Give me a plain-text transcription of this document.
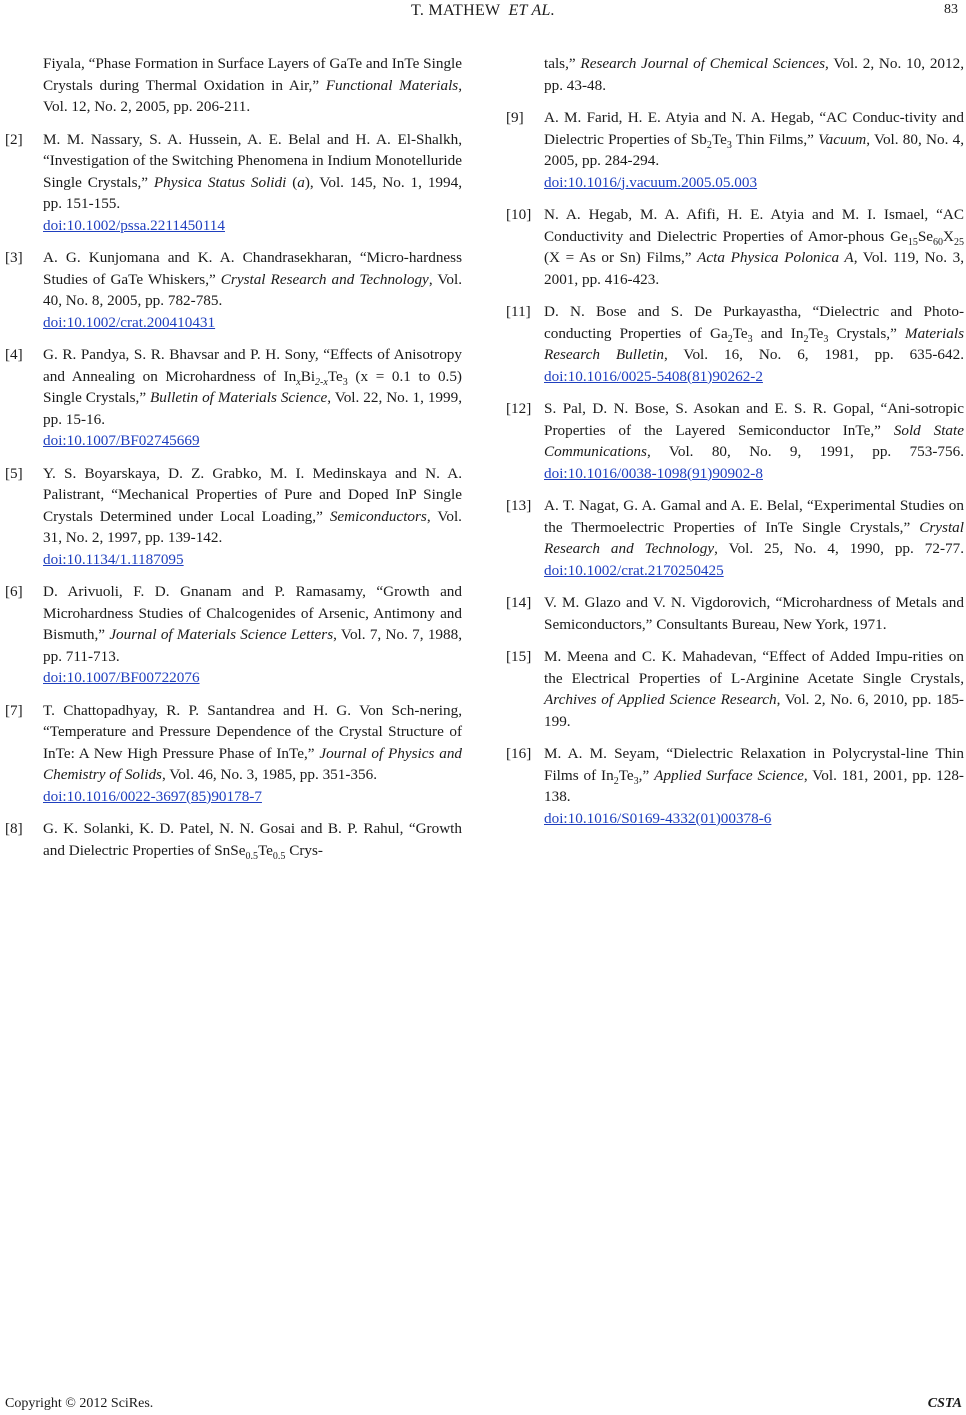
T. MATHEW ET AL.	83
Fiyala, “Phase Formation in Surface Layers of GaTe and InTe Single Crystals during Thermal Oxidation in Air,” Functional Materials, Vol. 12, No. 2, 2005, pp. 206-211.
[2]	M. M. Nassary, S. A. Hussein, A. E. Belal and H. A. El-Shalkh, “Investigation of the Switching Phenomena in Indium Monotelluride Single Crystals,” Physica Status Solidi (a), Vol. 145, No. 1, 1994, pp. 151-155.
doi:10.1002/pssa.2211450114
[3]	A. G. Kunjomana and K. A. Chandrasekharan, “Micro-hardness Studies of GaTe Whiskers,” Crystal Research and Technology, Vol. 40, No. 8, 2005, pp. 782-785.
doi:10.1002/crat.200410431
[4]	G. R. Pandya, S. R. Bhavsar and P. H. Sony, “Effects of Anisotropy and Annealing on Microhardness of $In_xBi_{2-x}Te_3$ (x = 0.1 to 0.5) Single Crystals,” Bulletin of Materials Science, Vol. 22, No. 1, 1999, pp. 15-16.
doi:10.1007/BF02745669
[5]	Y. S. Boyarskaya, D. Z. Grabko, M. I. Medinskaya and N. A. Palistrant, “Mechanical Properties of Pure and Doped InP Single Crystals Determined under Local Loading,” Semiconductors, Vol. 31, No. 2, 1997, pp. 139-142.
doi:10.1134/1.1187095
[6]	D. Arivuoli, F. D. Gnanam and P. Ramasamy, “Growth and Microhardness Studies of Chalcogenides of Arsenic, Antimony and Bismuth,” Journal of Materials Science Letters, Vol. 7, No. 7, 1988, pp. 711-713.
doi:10.1007/BF00722076
[7]	T. Chattopadhyay, R. P. Santandrea and H. G. Von Sch-nering, “Temperature and Pressure Dependence of the Crystal Structure of InTe: A New High Pressure Phase of InTe,” Journal of Physics and Chemistry of Solids, Vol. 46, No. 3, 1985, pp. 351-356.
doi:10.1016/0022-3697(85)90178-7
[8]	G. K. Solanki, K. D. Patel, N. N. Gosai and B. P. Rahul, “Growth and Dielectric Properties of $SnSe_{0.5}Te_{0.5}$ Crys-
tals,” Research Journal of Chemical Sciences, Vol. 2, No. 10, 2012, pp. 43-48.
[9]	A. M. Farid, H. E. Atyia and N. A. Hegab, “AC Conduc-tivity and Dielectric Properties of $Sb_2Te_3$ Thin Films,” Vacuum, Vol. 80, No. 4, 2005, pp. 284-294.
doi:10.1016/j.vacuum.2005.05.003
[10] N. A. Hegab, M. A. Afifi, H. E. Atyia and M. I. Ismael, “AC Conductivity and Dielectric Properties of Amor-phous $Ge_{15}Se_{60}X_{25}$ (X = As or Sn) Films,” Acta Physica Polonica A, Vol. 119, No. 3, 2001, pp. 416-423.
[11] D. N. Bose and S. De Purkayastha, “Dielectric and Photo-conducting Properties of $Ga_2Te_3$ and $In_2Te_3$ Crystals,” Materials Research Bulletin, Vol. 16, No. 6, 1981, pp. 635-642. doi:10.1016/0025-5408(81)90262-2
[12] S. Pal, D. N. Bose, S. Asokan and E. S. R. Gopal, “Ani-sotropic Properties of the Layered Semiconductor InTe,” Sold State Communications, Vol. 80, No. 9, 1991, pp. 753-756. doi:10.1016/0038-1098(91)90902-8
[13] A. T. Nagat, G. A. Gamal and A. E. Belal, “Experimental Studies on the Thermoelectric Properties of InTe Single Crystals,” Crystal Research and Technology, Vol. 25, No. 4, 1990, pp. 72-77. doi:10.1002/crat.2170250425
[14] V. M. Glazo and V. N. Vigdorovich, “Microhardness of Metals and Semiconductors,” Consultants Bureau, New York, 1971.
[15] M. Meena and C. K. Mahadevan, “Effect of Added Impu-rities on the Electrical Properties of L-Arginine Acetate Single Crystals, Archives of Applied Science Research, Vol. 2, No. 6, 2010, pp. 185-199.
[16] M. A. M. Seyam, “Dielectric Relaxation in Polycrystal-line Thin Films of $In_2Te_3$,” Applied Surface Science, Vol. 181, 2001, pp. 128-138.
doi:10.1016/S0169-4332(01)00378-6
Copyright © 2012 SciRes.	CSTA
